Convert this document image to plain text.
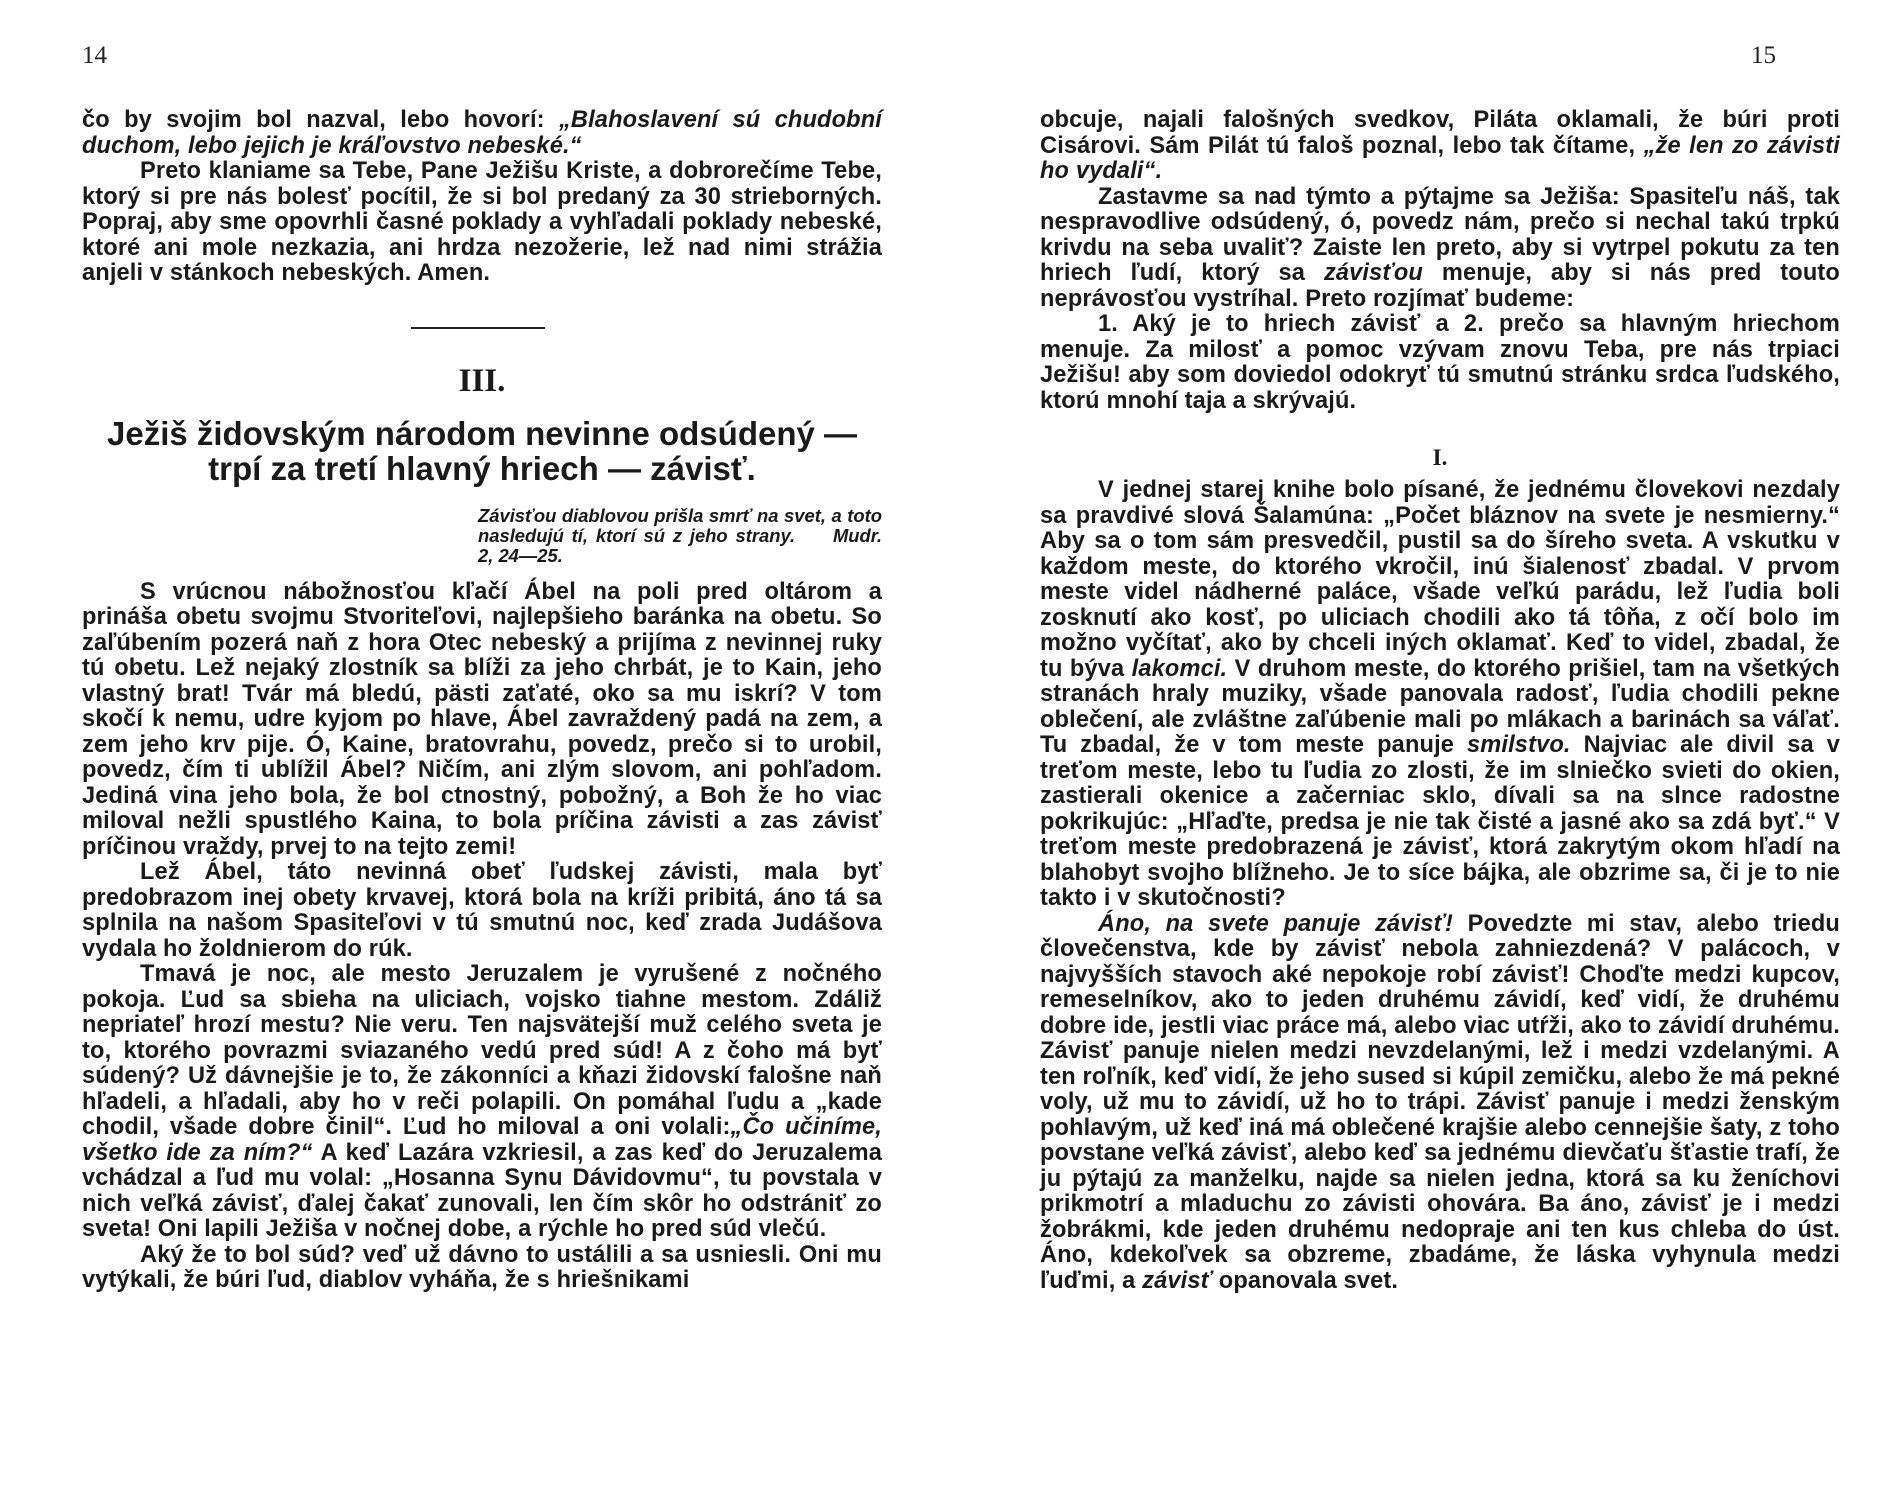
14

čo by svojim bol nazval, lebo hovorí: „Blahoslavení sú chudobní duchom, lebo jejich je kráľovstvo nebeské.“

Preto klaniame sa Tebe, Pane Ježišu Kriste, a dobrorečíme Tebe, ktorý si pre nás bolesť pocítil, že si bol predaný za 30 strieborných. Popraj, aby sme opovrhli časné poklady a vyhľadali poklady nebeské, ktoré ani mole nezkazia, ani hrdza nezožerie, lež nad nimi strážia anjeli v stánkoch nebeských. Amen.

III.
Ježiš židovským národom nevinne odsúdený —
trpí za tretí hlavný hriech — závisť.
Závisťou diablovou prišla smrť na svet, a toto nasledujú tí, ktorí sú z jeho strany. Mudr. 2, 24—25.

S vrúcnou nábožnosťou kľačí Ábel na poli pred oltárom a prináša obetu svojmu Stvoriteľovi, najlepšieho baránka na obetu. So zaľúbením pozerá naň z hora Otec nebeský a prijíma z nevinnej ruky tú obetu. Lež nejaký zlostník sa blíži za jeho chrbát, je to Kain, jeho vlastný brat! Tvár má bledú, pästi zaťaté, oko sa mu iskrí? V tom skočí k nemu, udre kyjom po hlave, Ábel zavraždený padá na zem, a zem jeho krv pije. Ó, Kaine, bratovrahu, povedz, prečo si to urobil, povedz, čím ti ublížil Ábel? Ničím, ani zlým slovom, ani pohľadom. Jediná vina jeho bola, že bol ctnostný, pobožný, a Boh že ho viac miloval nežli spustlého Kaina, to bola príčina závisti a zas závisť príčinou vraždy, prvej to na tejto zemi!

Lež Ábel, táto nevinná obeť ľudskej závisti, mala byť predobrazom inej obety krvavej, ktorá bola na kríži pribitá, áno tá sa splnila na našom Spasiteľovi v tú smutnú noc, keď zrada Judášova vydala ho žoldnierom do rúk.

Tmavá je noc, ale mesto Jeruzalem je vyrušené z nočného pokoja. Ľud sa sbieha na uliciach, vojsko tiahne mestom. Zdáliž nepriateľ hrozí mestu? Nie veru. Ten najsvätejší muž celého sveta je to, ktorého povrazmi sviazaného vedú pred súd! A z čoho má byť súdený? Už dávnejšie je to, že zákonníci a kňazi židovskí falošne naň hľadeli, a hľadali, aby ho v reči polapili. On pomáhal ľudu a „kade chodil, všade dobre činil“. Ľud ho miloval a oni volali:„Čo učiníme, všetko ide za ním?“ A keď Lazára vzkriesil, a zas keď do Jeruzalema vchádzal a ľud mu volal: „Hosanna Synu Dávidovmu“, tu povstala v nich veľká závisť, ďalej čakať zunovali, len čím skôr ho odstrániť zo sveta! Oni lapili Ježiša v nočnej dobe, a rýchle ho pred súd vlečú.

Aký že to bol súd? veď už dávno to ustálili a sa usniesli. Oni mu vytýkali, že búri ľud, diablov vyháňa, že s hriešnikami

15

obcuje, najali falošných svedkov, Piláta oklamali, že búri proti Cisárovi. Sám Pilát tú faloš poznal, lebo tak čítame, „že len zo závisti ho vydali“.

Zastavme sa nad týmto a pýtajme sa Ježiša: Spasiteľu náš, tak nespravodlive odsúdený, ó, povedz nám, prečo si nechal takú trpkú krivdu na seba uvaliť? Zaiste len preto, aby si vytrpel pokutu za ten hriech ľudí, ktorý sa závisťou menuje, aby si nás pred touto neprávosťou vystríhal. Preto rozjímať budeme:

1. Aký je to hriech závisť a 2. prečo sa hlavným hriechom menuje. Za milosť a pomoc vzývam znovu Teba, pre nás trpiaci Ježišu! aby som doviedol odokryť tú smutnú stránku srdca ľudského, ktorú mnohí taja a skrývajú.

I.

V jednej starej knihe bolo písané, že jednému človekovi nezdaly sa pravdivé slová Šalamúna: „Počet bláznov na svete je nesmierny.“ Aby sa o tom sám presvedčil, pustil sa do šíreho sveta. A vskutku v každom meste, do ktorého vkročil, inú šialenosť zbadal. V prvom meste videl nádherné paláce, všade veľkú parádu, lež ľudia boli zosknutí ako kosť, po uliciach chodili ako tá tôňa, z očí bolo im možno vyčítať, ako by chceli iných oklamať. Keď to videl, zbadal, že tu býva lakomci. V druhom meste, do ktorého prišiel, tam na všetkých stranách hraly muziky, všade panovala radosť, ľudia chodili pekne oblečení, ale zvláštne zaľúbenie mali po mlákach a barinách sa váľať. Tu zbadal, že v tom meste panuje smilstvo. Najviac ale divil sa v treťom meste, lebo tu ľudia zo zlosti, že im slniečko svieti do okien, zastierali okenice a začerniac sklo, dívali sa na slnce radostne pokrikujúc: „Hľaďte, predsa je nie tak čisté a jasné ako sa zdá byť.“ V treťom meste predobrazená je závisť, ktorá zakrytým okom hľadí na blahobyt svojho blížneho. Je to síce bájka, ale obzrime sa, či je to nie takto i v skutočnosti?

Áno, na svete panuje závisť! Povedzte mi stav, alebo triedu človečenstva, kde by závisť nebola zahniezdená? V palácoch, v najvyšších stavoch aké nepokoje robí závisť! Choďte medzi kupcov, remeselníkov, ako to jeden druhému závidí, keď vidí, že druhému dobre ide, jestli viac práce má, alebo viac utŕži, ako to závidí druhému. Závisť panuje nielen medzi nevzdelanými, lež i medzi vzdelanými. A ten roľník, keď vidí, že jeho sused si kúpil zemičku, alebo že má pekné voly, už mu to závidí, už ho to trápi. Závisť panuje i medzi ženským pohlavým, už keď iná má oblečené krajšie alebo cennejšie šaty, z toho povstane veľká závisť, alebo keď sa jednému dievčaťu šťastie trafí, že ju pýtajú za manželku, najde sa nielen jedna, ktorá sa ku ženíchovi prikmotrí a mladuchu zo závisti ohovára. Ba áno, závisť je i medzi žobrákmi, kde jeden druhému nedopraje ani ten kus chleba do úst. Áno, kdekoľvek sa obzreme, zbadáme, že láska vyhynula medzi ľuďmi, a závisť opanovala svet.
